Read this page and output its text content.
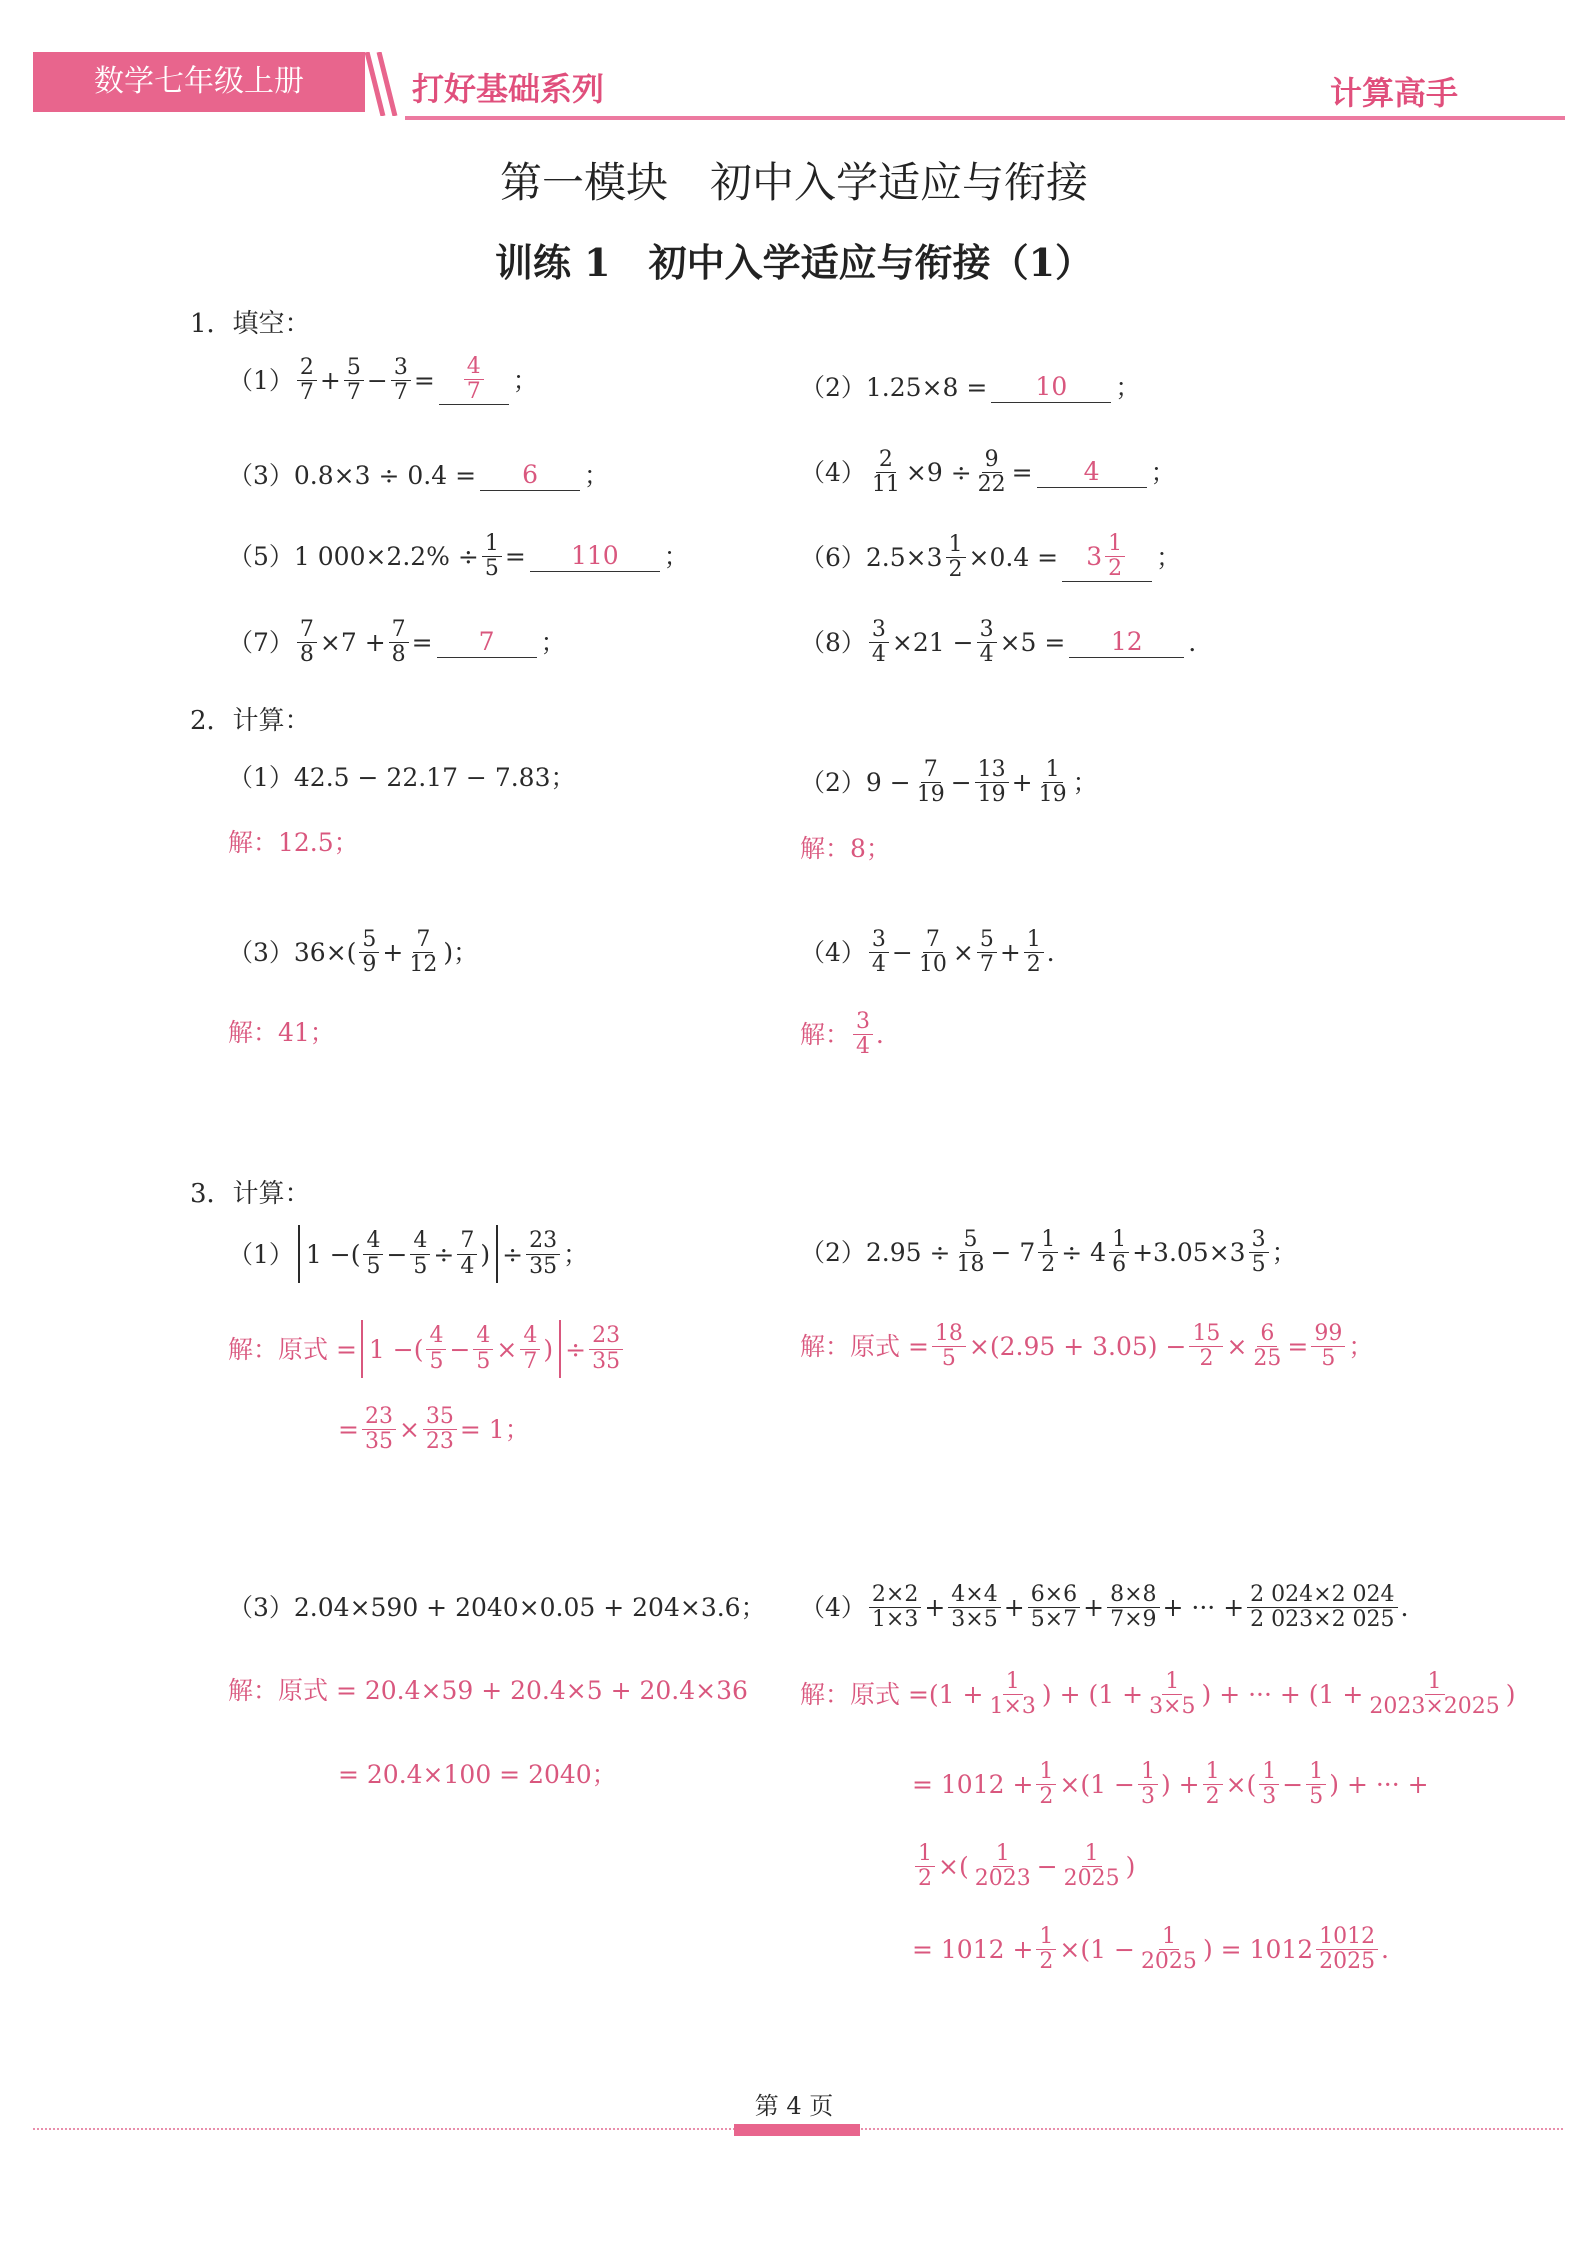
数学七年级上册	打好基础系列	计算高手
第一模块　初中入学适应与衔接
训练 1　初中入学适应与衔接（1）
1．填空：
$(1) \frac{2}{7} + \frac{5}{7} - \frac{3}{7} = \frac{4}{7}$ ；	（2） 1.25×8 =	10	；
（3） 0.8×3 ÷ 0.4 =	6	；	$(4) \frac{2}{11} \times 9 \div \frac{9}{22}$ =	4	；
（5） 1 $000\times 2.2\% \div \frac{1}{5}$ =	110	；	（6） $2.5\times 3 \frac{1}{2} \times 0.4 = 3 \frac{1}{2}$ ；
$(7) \frac{7}{8} \times 7 + \frac{7}{8}$ =	7	；	$(8) \frac{3}{4} \times 21 - \frac{3}{4} \times 5$ =	12	．
2．计算：
（1） 42.5 − 22.17 − 7.83；
解：12.5；
（2） $9 - \frac{7}{19} - \frac{13}{19} + \frac{1}{19}$ ；
解：8；
（3） $36\times( \frac{5}{9} + \frac{7}{12}$ )；
解：41；
$(4) \frac{3}{4} - \frac{7}{10} \times \frac{5}{7} + \frac{1}{2}$ ．
解： $\frac{3}{4}$ ．
3．计算：
（1） 1 −( $\frac{4}{5} - \frac{4}{5} \div \frac{7}{4}$ ) ÷ $\frac{23}{35}$ ；
解：原式 = 1 −( $\frac{4}{5} - \frac{4}{5} \times \frac{4}{7}$ ) ÷ $\frac{23}{35}$
= $\frac{23}{35} \times \frac{35}{23} = 1$；
（2） $2.95 \div \frac{5}{18} - 7 \frac{1}{2} \div 4 \frac{1}{6} +3.05\times 3 \frac{3}{5}$ ；
解：原式 = $\frac{18}{5} \times(2.95 + 3.05) - \frac{15}{2} \times \frac{6}{25} = \frac{99}{5}$ ；
（3） 2.04×590 + 2040×0.05 + 204×3.6；
解：原式 = 20.4×59 + 20.4×5 + 20.4×36
= 20.4×100 = 2040；
$(4) \frac{2\times 2}{1\times 3} + \frac{4\times 4}{3\times 5} + \frac{6\times 6}{5\times 7} + \frac{8\times 8}{7\times 9}$ + ··· + $\frac{2 024\times 2 024}{2 023\times 2 025}$ ．
解：原式 = ($1 + \frac{1}{1\times 3}$ ) + ($1 + \frac{1}{3\times 5}$ ) + ··· + ($1 + \frac{1}{2023\times 2025}$ )
= $1012 + \frac{1}{2} \times(1 - \frac{1}{3}$ ) + $\frac{1}{2}$ ×( $\frac{1}{3} - \frac{1}{5}$ ) + ··· +
$\frac{1}{2}$ ×( $\frac{1}{2023} - \frac{1}{2025}$ )
= $1012 + \frac{1}{2} \times(1 - \frac{1}{2025}$ ) = $1012 \frac{1012}{2025}$ ．
第 4 页
